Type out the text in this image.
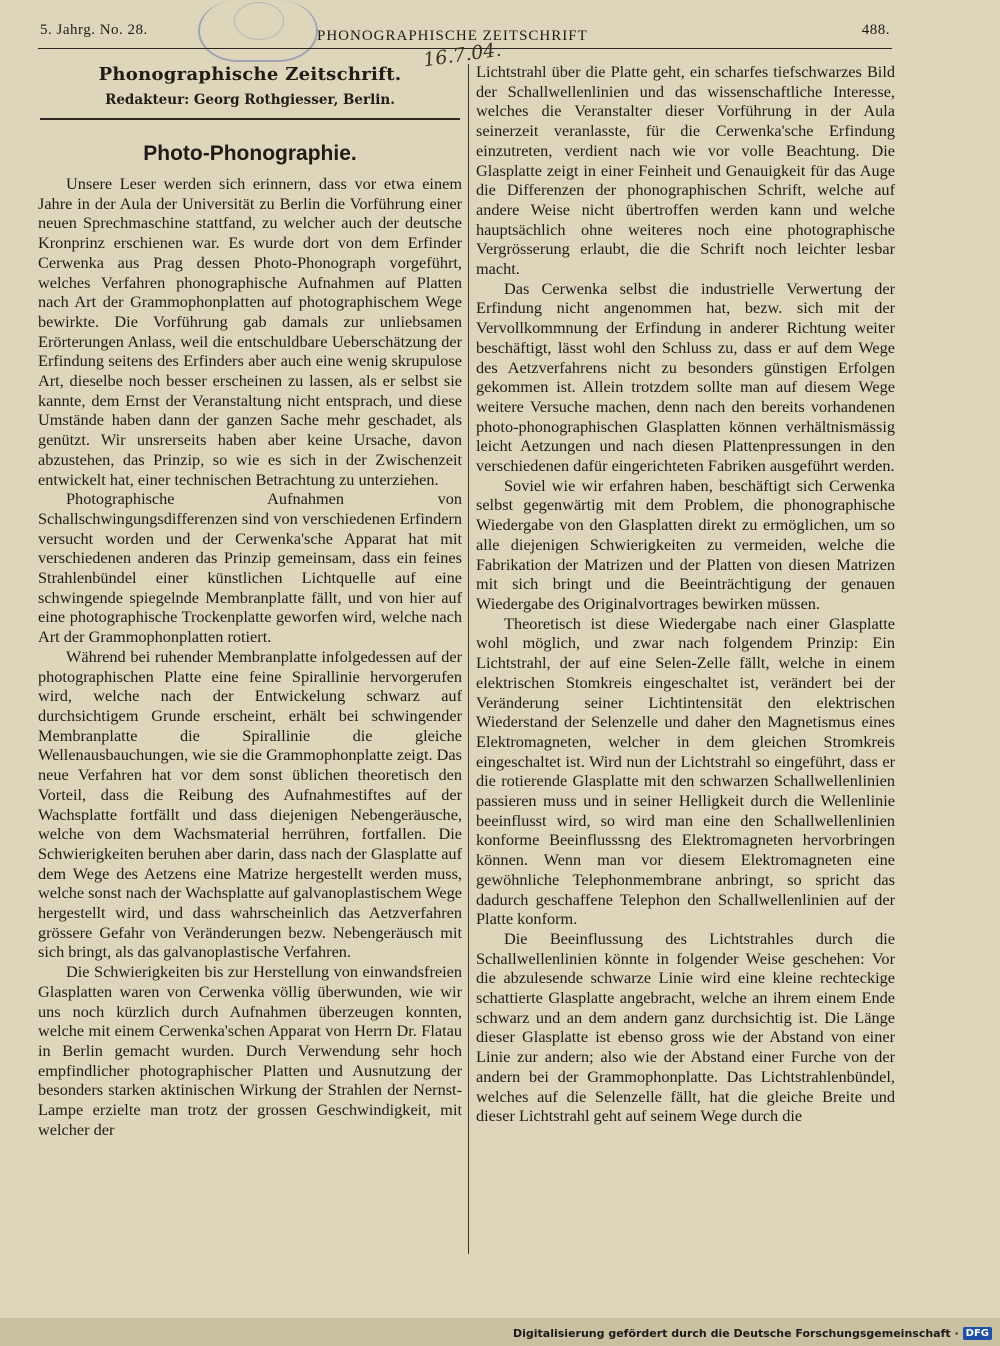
5. Jahrg. No. 28.	PHONOGRAPHISCHE ZEITSCHRIFT	488.
16.7.04.
Phonographische Zeitschrift.
Redakteur: Georg Rothgiesser, Berlin.
Photo-Phonographie.

Unsere Leser werden sich erinnern, dass vor etwa einem Jahre in der Aula der Universität zu Berlin die Vorführung einer neuen Sprechmaschine stattfand, zu welcher auch der deutsche Kronprinz erschienen war. Es wurde dort von dem Erfinder Cerwenka aus Prag dessen Photo-Phonograph vorgeführt, welches Verfahren phonographische Aufnahmen auf Platten nach Art der Grammophonplatten auf photographischem Wege bewirkte. Die Vorführung gab damals zur unliebsamen Erörterungen Anlass, weil die entschuldbare Ueberschätzung der Erfindung seitens des Erfinders aber auch eine wenig skrupulose Art, dieselbe noch besser erscheinen zu lassen, als er selbst sie kannte, dem Ernst der Veranstaltung nicht entsprach, und diese Umstände haben dann der ganzen Sache mehr geschadet, als genützt. Wir unsrerseits haben aber keine Ursache, davon abzustehen, das Prinzip, so wie es sich in der Zwischenzeit entwickelt hat, einer technischen Betrachtung zu unterziehen.

Photographische Aufnahmen von Schallschwingungsdifferenzen sind von verschiedenen Erfindern versucht worden und der Cerwenka'sche Apparat hat mit verschiedenen anderen das Prinzip gemeinsam, dass ein feines Strahlenbündel einer künstlichen Lichtquelle auf eine schwingende spiegelnde Membranplatte fällt, und von hier auf eine photographische Trockenplatte geworfen wird, welche nach Art der Grammophonplatten rotiert.

Während bei ruhender Membranplatte infolgedessen auf der photographischen Platte eine feine Spirallinie hervorgerufen wird, welche nach der Entwickelung schwarz auf durchsichtigem Grunde erscheint, erhält bei schwingender Membranplatte die Spirallinie die gleiche Wellenausbauchungen, wie sie die Grammophonplatte zeigt. Das neue Verfahren hat vor dem sonst üblichen theoretisch den Vorteil, dass die Reibung des Aufnahmestiftes auf der Wachsplatte fortfällt und dass diejenigen Nebengeräusche, welche von dem Wachsmaterial herrühren, fortfallen. Die Schwierigkeiten beruhen aber darin, dass nach der Glasplatte auf dem Wege des Aetzens eine Matrize hergestellt werden muss, welche sonst nach der Wachsplatte auf galvanoplastischem Wege hergestellt wird, und dass wahrscheinlich das Aetzverfahren grössere Gefahr von Veränderungen bezw. Nebengeräusch mit sich bringt, als das galvanoplastische Verfahren.

Die Schwierigkeiten bis zur Herstellung von einwandsfreien Glasplatten waren von Cerwenka völlig überwunden, wie wir uns noch kürzlich durch Aufnahmen überzeugen konnten, welche mit einem Cerwenka'schen Apparat von Herrn Dr. Flatau in Berlin gemacht wurden. Durch Verwendung sehr hoch empfindlicher photographischer Platten und Ausnutzung der besonders starken aktinischen Wirkung der Strahlen der Nernst-Lampe erzielte man trotz der grossen Geschwindigkeit, mit welcher der

Lichtstrahl über die Platte geht, ein scharfes tiefschwarzes Bild der Schallwellenlinien und das wissenschaftliche Interesse, welches die Veranstalter dieser Vorführung in der Aula seinerzeit veranlasste, für die Cerwenka'sche Erfindung einzutreten, verdient nach wie vor volle Beachtung. Die Glasplatte zeigt in einer Feinheit und Genauigkeit für das Auge die Differenzen der phonographischen Schrift, welche auf andere Weise nicht übertroffen werden kann und welche hauptsächlich ohne weiteres noch eine photographische Vergrösserung erlaubt, die die Schrift noch leichter lesbar macht.

Das Cerwenka selbst die industrielle Verwertung der Erfindung nicht angenommen hat, bezw. sich mit der Vervollkommnung der Erfindung in anderer Richtung weiter beschäftigt, lässt wohl den Schluss zu, dass er auf dem Wege des Aetzverfahrens nicht zu besonders günstigen Erfolgen gekommen ist. Allein trotzdem sollte man auf diesem Wege weitere Versuche machen, denn nach den bereits vorhandenen photo-phonographischen Glasplatten können verhältnismässig leicht Aetzungen und nach diesen Plattenpressungen in den verschiedenen dafür eingerichteten Fabriken ausgeführt werden.

Soviel wie wir erfahren haben, beschäftigt sich Cerwenka selbst gegenwärtig mit dem Problem, die phonographische Wiedergabe von den Glasplatten direkt zu ermöglichen, um so alle diejenigen Schwierigkeiten zu vermeiden, welche die Fabrikation der Matrizen und der Platten von diesen Matrizen mit sich bringt und die Beeinträchtigung der genauen Wiedergabe des Originalvortrages bewirken müssen.

Theoretisch ist diese Wiedergabe nach einer Glasplatte wohl möglich, und zwar nach folgendem Prinzip: Ein Lichtstrahl, der auf eine Selen-Zelle fällt, welche in einem elektrischen Stomkreis eingeschaltet ist, verändert bei der Veränderung seiner Lichtintensität den elektrischen Wiederstand der Selenzelle und daher den Magnetismus eines Elektromagneten, welcher in dem gleichen Stromkreis eingeschaltet ist. Wird nun der Lichtstrahl so eingeführt, dass er die rotierende Glasplatte mit den schwarzen Schallwellenlinien passieren muss und in seiner Helligkeit durch die Wellenlinie beeinflusst wird, so wird man eine den Schallwellenlinien konforme Beeinflusssng des Elektromagneten hervorbringen können. Wenn man vor diesem Elektromagneten eine gewöhnliche Telephonmembrane anbringt, so spricht das dadurch geschaffene Telephon den Schallwellenlinien auf der Platte konform.

Die Beeinflussung des Lichtstrahles durch die Schallwellenlinien könnte in folgender Weise geschehen: Vor die abzulesende schwarze Linie wird eine kleine rechteckige schattierte Glasplatte angebracht, welche an ihrem einem Ende schwarz und an dem andern ganz durchsichtig ist. Die Länge dieser Glasplatte ist ebenso gross wie der Abstand von einer Linie zur andern; also wie der Abstand einer Furche von der andern bei der Grammophonplatte. Das Lichtstrahlenbündel, welches auf die Selenzelle fällt, hat die gleiche Breite und dieser Lichtstrahl geht auf seinem Wege durch die

Digitalisierung gefördert durch die Deutsche Forschungsgemeinschaft · DFG
